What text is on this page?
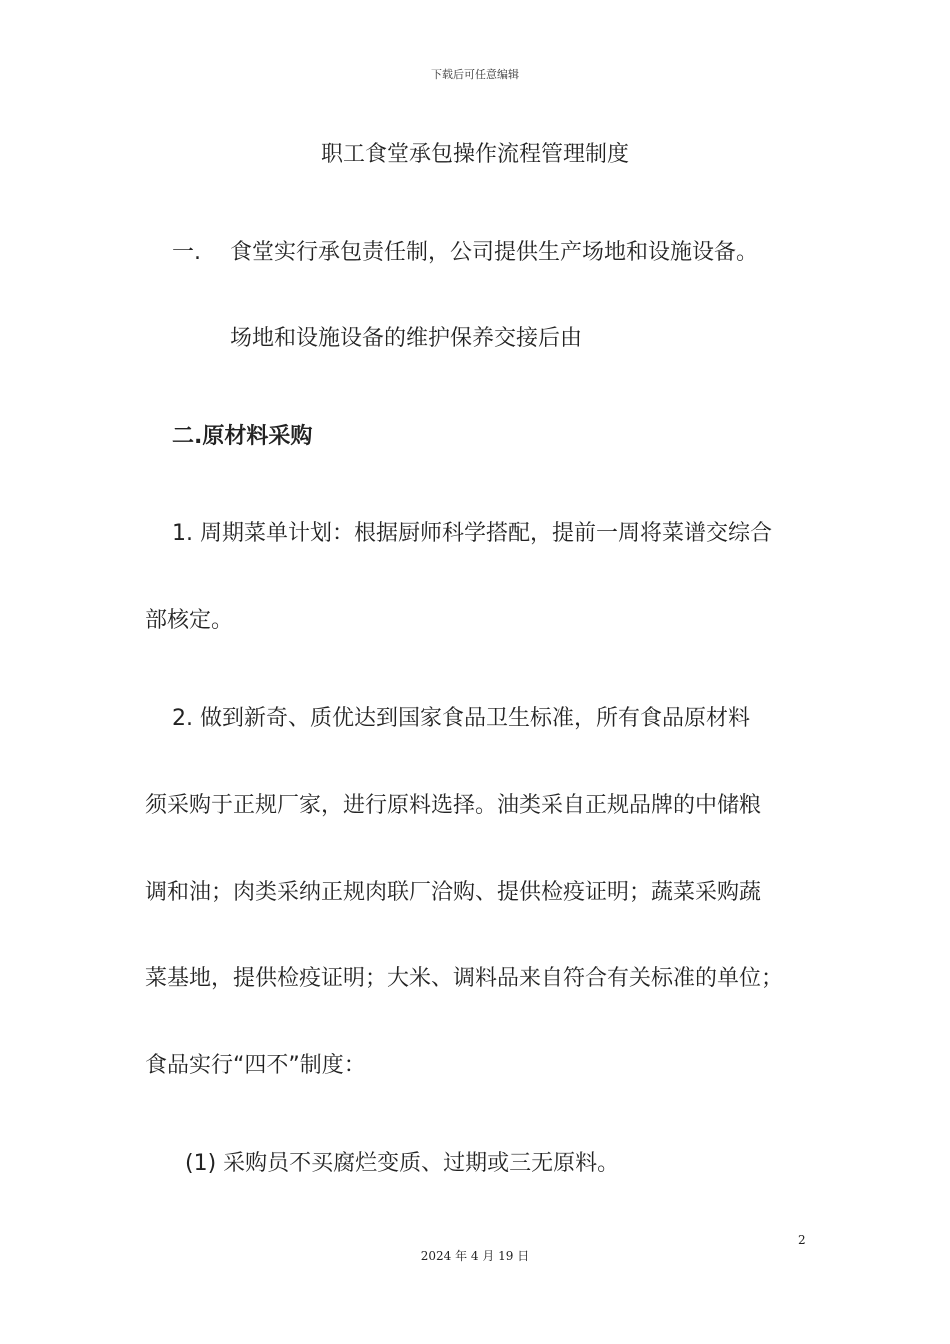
下载后可任意编辑
职工食堂承包操作流程管理制度
一. 食堂实行承包责任制，公司提供生产场地和设施设备。
场地和设施设备的维护保养交接后由
二.原材料采购
1. 周期菜单计划：根据厨师科学搭配，提前一周将菜谱交综合
部核定。
2. 做到新奇、质优达到国家食品卫生标准，所有食品原材料
须采购于正规厂家，进行原料选择。油类采自正规品牌的中储粮
调和油；肉类采纳正规肉联厂洽购、提供检疫证明；蔬菜采购蔬
菜基地，提供检疫证明；大米、调料品来自符合有关标准的单位；
食品实行“四不”制度：
(1) 采购员不买腐烂变质、过期或三无原料。
2
2024 年 4 月 19 日
